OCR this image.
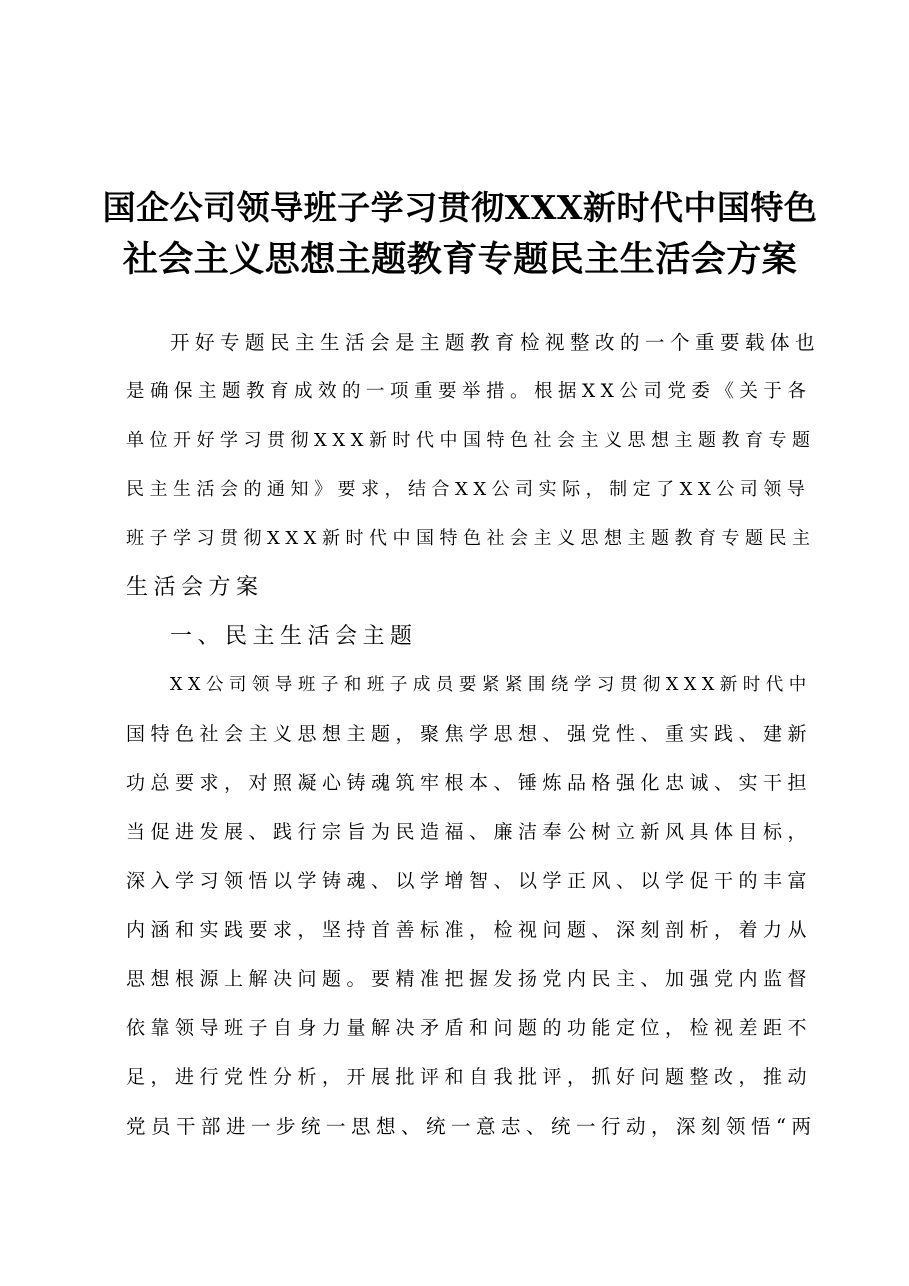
国企公司领导班子学习贯彻XXX新时代中国特色
社会主义思想主题教育专题民主生活会方案

开好专题民主生活会是主题教育检视整改的一个重要载体也
是确保主题教育成效的一项重要举措。根据XX公司党委《关于各
单位开好学习贯彻XXX新时代中国特色社会主义思想主题教育专题
民主生活会的通知》要求，结合XX公司实际，制定了XX公司领导
班子学习贯彻XXX新时代中国特色社会主义思想主题教育专题民主
生活会方案

一、民主生活会主题

XX公司领导班子和班子成员要紧紧围绕学习贯彻XXX新时代中
国特色社会主义思想主题，聚焦学思想、强党性、重实践、建新
功总要求，对照凝心铸魂筑牢根本、锤炼品格强化忠诚、实干担
当促进发展、践行宗旨为民造福、廉洁奉公树立新风具体目标，
深入学习领悟以学铸魂、以学增智、以学正风、以学促干的丰富
内涵和实践要求，坚持首善标准，检视问题、深刻剖析，着力从
思想根源上解决问题。要精准把握发扬党内民主、加强党内监督
依靠领导班子自身力量解决矛盾和问题的功能定位，检视差距不
足，进行党性分析，开展批评和自我批评，抓好问题整改，推动
党员干部进一步统一思想、统一意志、统一行动，深刻领悟“两
